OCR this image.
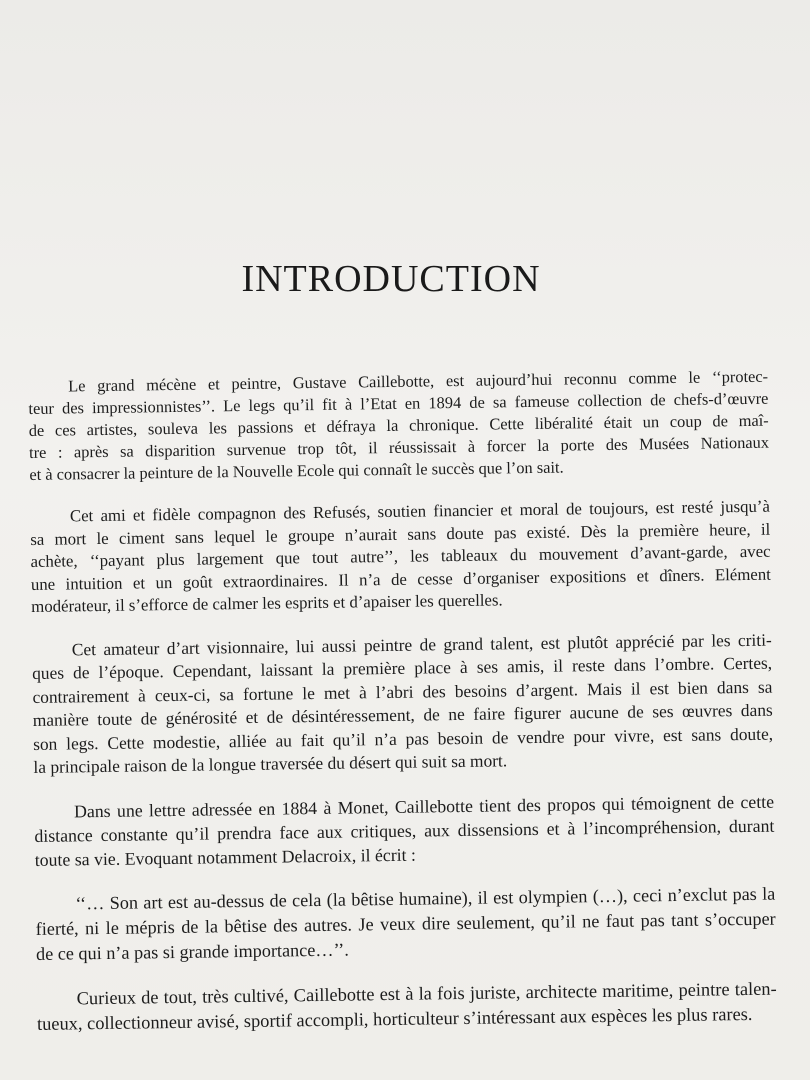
INTRODUCTION

Le grand mécène et peintre, Gustave Caillebotte, est aujourd’hui reconnu comme le ‘‘protec-
teur des impressionnistes’’. Le legs qu’il fit à l’Etat en 1894 de sa fameuse collection de chefs-d’œuvre
de ces artistes, souleva les passions et défraya la chronique. Cette libéralité était un coup de maî-
tre : après sa disparition survenue trop tôt, il réussissait à forcer la porte des Musées Nationaux
et à consacrer la peinture de la Nouvelle Ecole qui connaît le succès que l’on sait.

Cet ami et fidèle compagnon des Refusés, soutien financier et moral de toujours, est resté jusqu’à
sa mort le ciment sans lequel le groupe n’aurait sans doute pas existé. Dès la première heure, il
achète, ‘‘payant plus largement que tout autre’’, les tableaux du mouvement d’avant-garde, avec
une intuition et un goût extraordinaires. Il n’a de cesse d’organiser expositions et dîners. Elément
modérateur, il s’efforce de calmer les esprits et d’apaiser les querelles.

Cet amateur d’art visionnaire, lui aussi peintre de grand talent, est plutôt apprécié par les criti-
ques de l’époque. Cependant, laissant la première place à ses amis, il reste dans l’ombre. Certes,
contrairement à ceux-ci, sa fortune le met à l’abri des besoins d’argent. Mais il est bien dans sa
manière toute de générosité et de désintéressement, de ne faire figurer aucune de ses œuvres dans
son legs. Cette modestie, alliée au fait qu’il n’a pas besoin de vendre pour vivre, est sans doute,
la principale raison de la longue traversée du désert qui suit sa mort.

Dans une lettre adressée en 1884 à Monet, Caillebotte tient des propos qui témoignent de cette
distance constante qu’il prendra face aux critiques, aux dissensions et à l’incompréhension, durant
toute sa vie. Evoquant notamment Delacroix, il écrit :

‘‘… Son art est au-dessus de cela (la bêtise humaine), il est olympien (…), ceci n’exclut pas la
fierté, ni le mépris de la bêtise des autres. Je veux dire seulement, qu’il ne faut pas tant s’occuper
de ce qui n’a pas si grande importance…’’.

Curieux de tout, très cultivé, Caillebotte est à la fois juriste, architecte maritime, peintre talen-
tueux, collectionneur avisé, sportif accompli, horticulteur s’intéressant aux espèces les plus rares.
